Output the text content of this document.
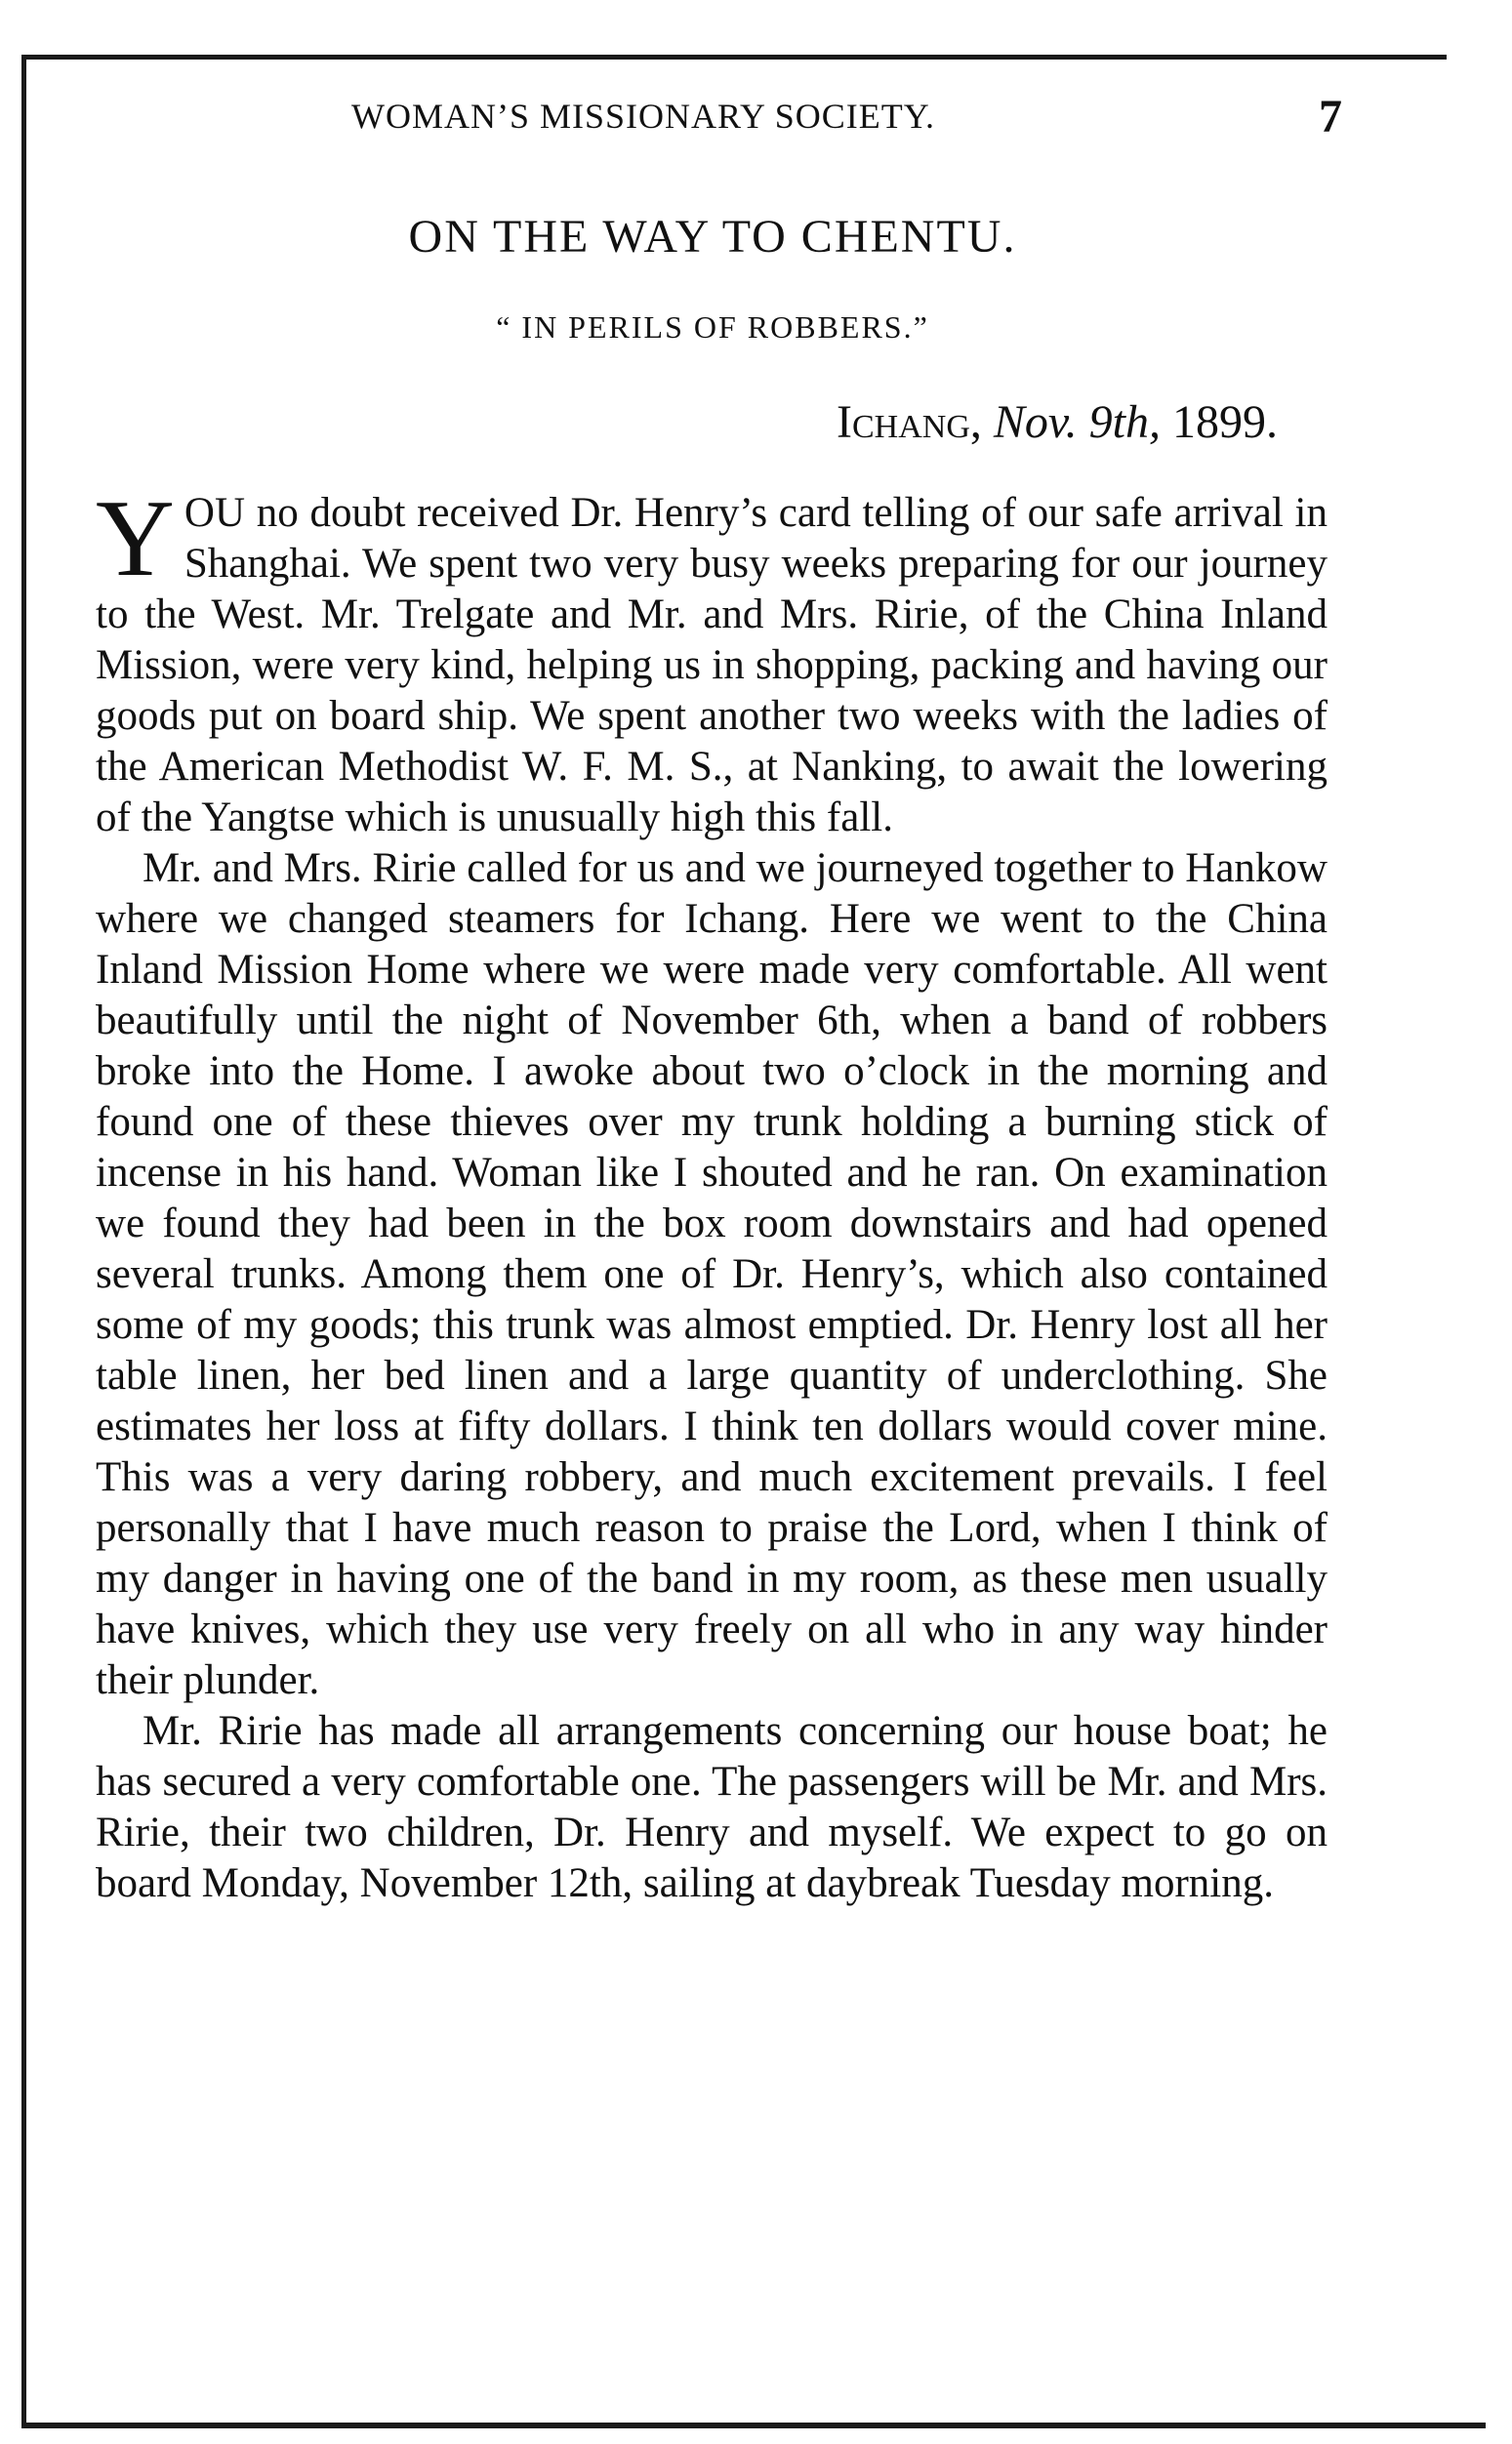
WOMAN’S MISSIONARY SOCIETY.	7
ON THE WAY TO CHENTU.
“ IN PERILS OF ROBBERS.”
Ichang, Nov. 9th, 1899.

YOU no doubt received Dr. Henry’s card telling of our safe arrival in Shanghai. We spent two very busy weeks preparing for our journey to the West. Mr. Trelgate and Mr. and Mrs. Ririe, of the China Inland Mission, were very kind, helping us in shopping, packing and having our goods put on board ship. We spent another two weeks with the ladies of the American Methodist W. F. M. S., at Nanking, to await the lowering of the Yangtse which is unusually high this fall.

Mr. and Mrs. Ririe called for us and we journeyed together to Hankow where we changed steamers for Ichang. Here we went to the China Inland Mission Home where we were made very comfortable. All went beautifully until the night of November 6th, when a band of robbers broke into the Home. I awoke about two o’clock in the morning and found one of these thieves over my trunk holding a burning stick of incense in his hand. Woman like I shouted and he ran. On examination we found they had been in the box room downstairs and had opened several trunks. Among them one of Dr. Henry’s, which also contained some of my goods; this trunk was almost emptied. Dr. Henry lost all her table linen, her bed linen and a large quantity of underclothing. She estimates her loss at fifty dollars. I think ten dollars would cover mine. This was a very daring robbery, and much excitement prevails. I feel personally that I have much reason to praise the Lord, when I think of my danger in having one of the band in my room, as these men usually have knives, which they use very freely on all who in any way hinder their plunder.

Mr. Ririe has made all arrangements concerning our house boat; he has secured a very comfortable one. The passengers will be Mr. and Mrs. Ririe, their two children, Dr. Henry and myself. We expect to go on board Monday, November 12th, sailing at daybreak Tuesday morning.
